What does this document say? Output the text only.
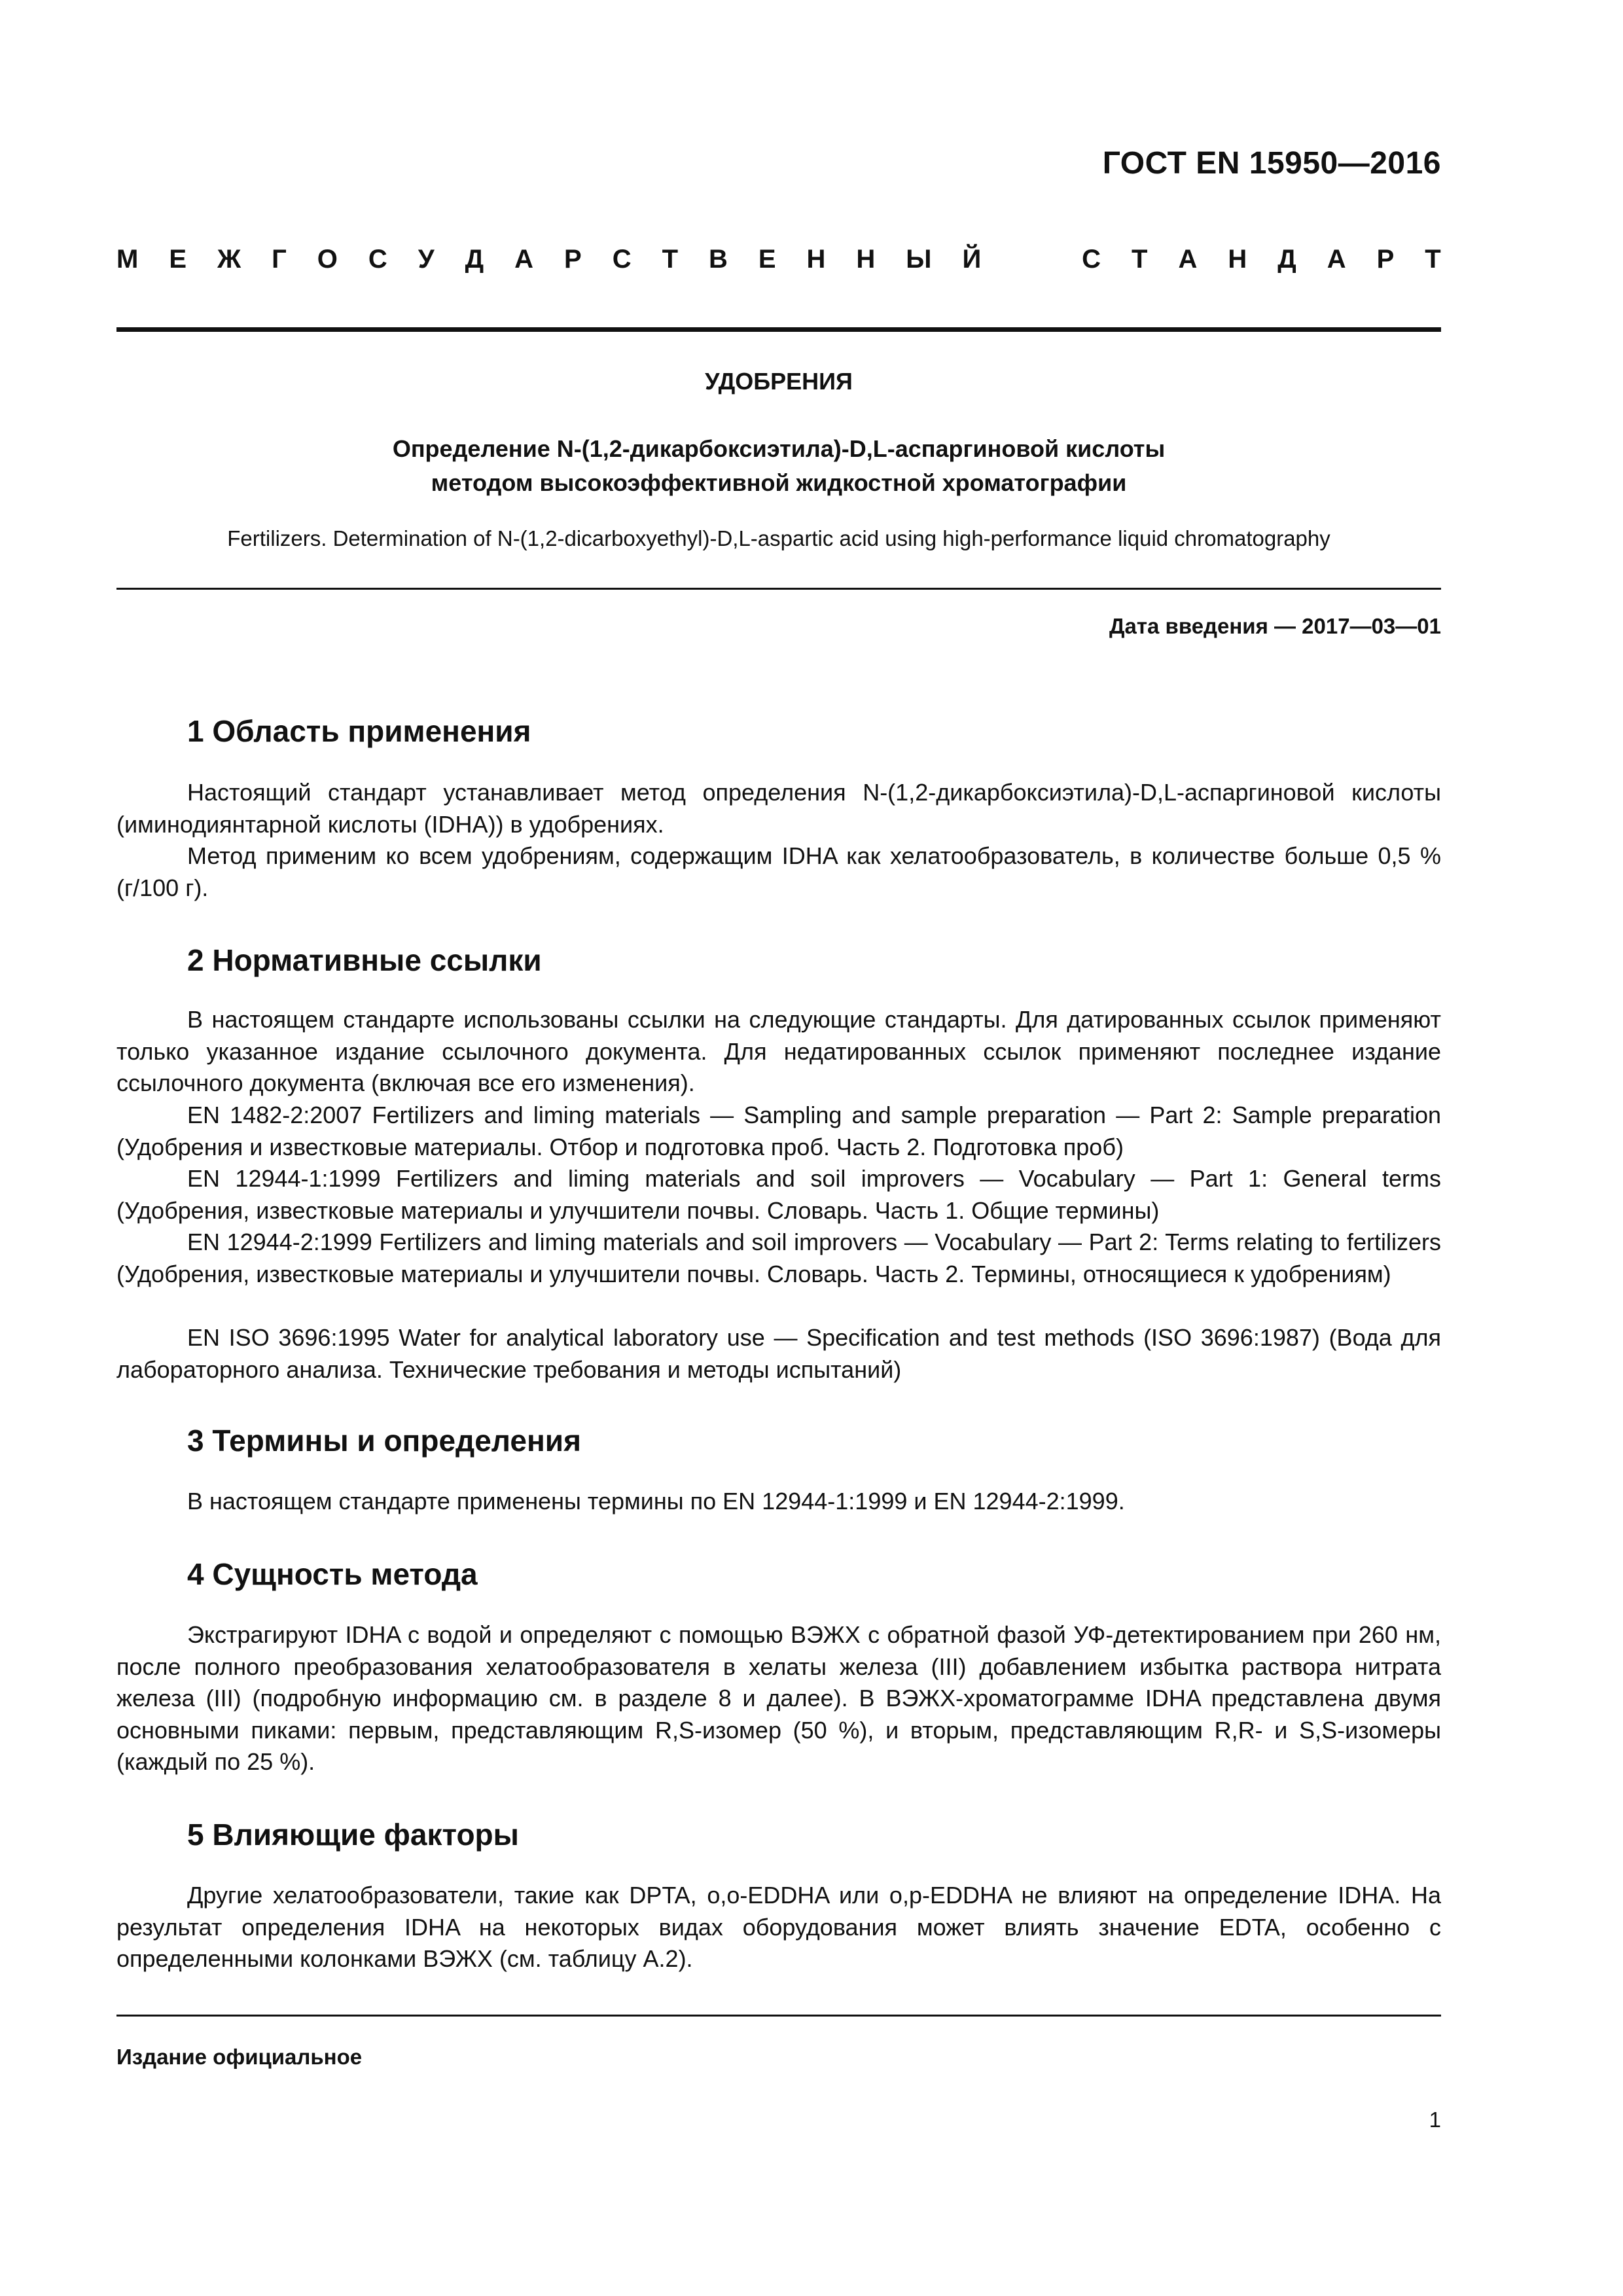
ГОСТ EN 15950—2016
М Е Ж Г О С У Д А Р С Т В Е Н Н Ы Й	С Т А Н Д А Р Т
УДОБРЕНИЯ
Определение N-(1,2-дикарбоксиэтила)-D,L-аспаргиновой кислоты
методом высокоэффективной жидкостной хроматографии
Fertilizers. Determination of N-(1,2-dicarboxyethyl)-D,L-aspartic acid using high-performance liquid chromatography
Дата введения — 2017—03—01
1 Область применения
Настоящий стандарт устанавливает метод определения N-(1,2-дикарбоксиэтила)-D,L-аспаргиновой кислоты (иминодиянтарной кислоты (IDHA)) в удобрениях.
Метод применим ко всем удобрениям, содержащим IDHA как хелатообразователь, в количестве больше 0,5 % (г/100 г).
2 Нормативные ссылки
В настоящем стандарте использованы ссылки на следующие стандарты. Для датированных ссылок применяют только указанное издание ссылочного документа. Для недатированных ссылок применяют последнее издание ссылочного документа (включая все его изменения).
EN 1482-2:2007 Fertilizers and liming materials — Sampling and sample preparation — Part 2: Sample preparation (Удобрения и известковые материалы. Отбор и подготовка проб. Часть 2. Подготовка проб)
EN 12944-1:1999 Fertilizers and liming materials and soil improvers — Vocabulary — Part 1: General terms (Удобрения, известковые материалы и улучшители почвы. Словарь. Часть 1. Общие термины)
EN 12944-2:1999 Fertilizers and liming materials and soil improvers — Vocabulary — Part 2: Terms relating to fertilizers (Удобрения, известковые материалы и улучшители почвы. Словарь. Часть 2. Термины, относящиеся к удобрениям)
EN ISO 3696:1995 Water for analytical laboratory use — Specification and test methods (ISO 3696:1987) (Вода для лабораторного анализа. Технические требования и методы испытаний)
3 Термины и определения
В настоящем стандарте применены термины по EN 12944-1:1999 и EN 12944-2:1999.
4 Сущность метода
Экстрагируют IDHA с водой и определяют с помощью ВЭЖХ с обратной фазой УФ-детектированием при 260 нм, после полного преобразования хелатообразователя в хелаты железа (III) добавлением избытка раствора нитрата железа (III) (подробную информацию см. в разделе 8 и далее). В ВЭЖХ-хроматограмме IDHA представлена двумя основными пиками: первым, представляющим R,S-изомер (50 %), и вторым, представляющим R,R- и S,S-изомеры (каждый по 25 %).
5 Влияющие факторы
Другие хелатообразователи, такие как DPTA, o,o-EDDHA или o,p-EDDHA не влияют на определение IDHA. На результат определения IDHA на некоторых видах оборудования может влиять значение EDTA, особенно с определенными колонками ВЭЖХ (см. таблицу А.2).
Издание официальное
1
